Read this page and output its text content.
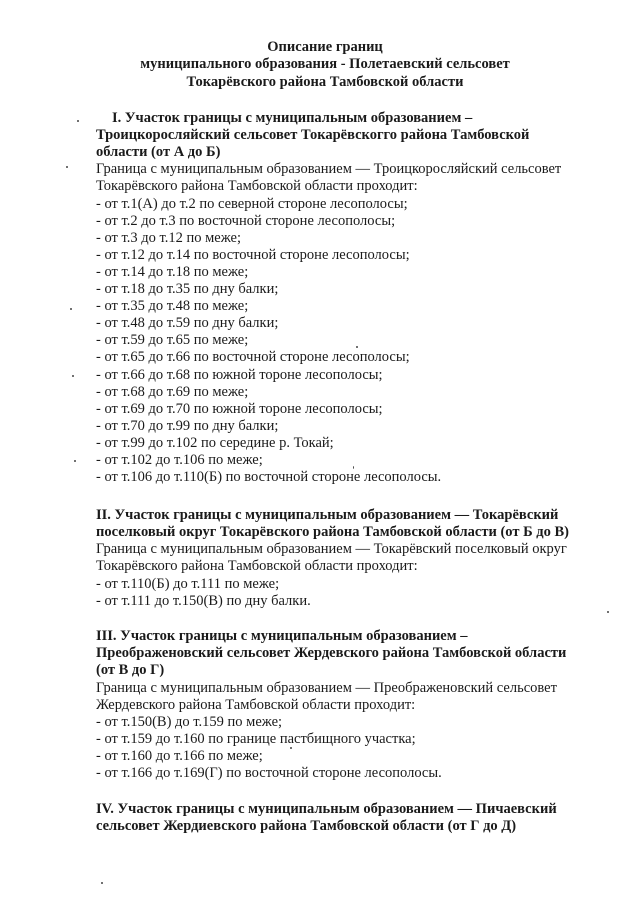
Описание границ
муниципального образования - Полетаевский сельсовет
Токарёвского района Тамбовской области
I. Участок границы с муниципальным образованием –
Троицкоросляйский сельсовет Токарёвскогго района Тамбовской
области (от А до Б)
Граница с муниципальным образованием — Троицкоросляйский сельсовет
Токарёвского района Тамбовской области проходит:
- от т.1(А) до т.2 по северной стороне лесополосы;
- от т.2 до т.3 по восточной стороне лесополосы;
- от т.3 до т.12 по меже;
- от т.12 до т.14 по восточной стороне лесополосы;
- от т.14 до т.18 по меже;
- от т.18 до т.35 по дну балки;
- от т.35 до т.48 по меже;
- от т.48 до т.59 по дну балки;
- от т.59 до т.65 по меже;
- от т.65 до т.66 по восточной стороне лесополосы;
- от т.66 до т.68 по южной тороне лесополосы;
- от т.68 до т.69 по меже;
- от т.69 до т.70 по южной тороне лесополосы;
- от т.70 до т.99 по дну балки;
- от т.99 до т.102 по середине р. Токай;
- от т.102 до т.106 по меже;
- от т.106 до т.110(Б) по восточной стороне лесополосы.
II. Участок границы с муниципальным образованием — Токарёвский
поселковый округ Токарёвского района Тамбовской области (от Б до В)
Граница с муниципальным образованием — Токарёвский поселковый округ
Токарёвского района Тамбовской области проходит:
- от т.110(Б) до т.111 по меже;
- от т.111 до т.150(В) по дну балки.
III. Участок границы с муниципальным образованием –
Преображеновский сельсовет Жердевского района Тамбовской области
(от В до Г)
Граница с муниципальным образованием — Преображеновский сельсовет
Жердевского района Тамбовской области проходит:
- от т.150(В) до т.159 по меже;
- от т.159 до т.160 по границе пастбищного участка;
- от т.160 до т.166 по меже;
- от т.166 до т.169(Г) по восточной стороне лесополосы.
IV. Участок границы с муниципальным образованием — Пичаевский
сельсовет Жердиевского района Тамбовской области (от Г до Д)
